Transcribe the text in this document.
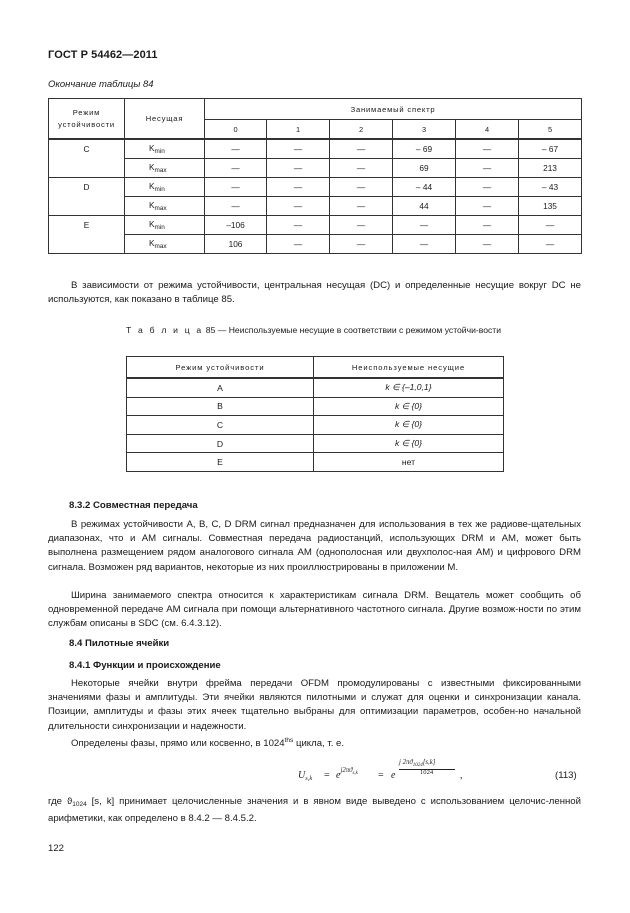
ГОСТ Р 54462—2011
Окончание таблицы 84
Режим устойчивости	Несущая	Занимаемый спектр					
		0	1	2	3	4	5
C	$K_{min}$	—	—	—	– 69	—	– 67
	$K_{max}$	—	—	—	69	—	213
D	$K_{min}$	—	—	—	– 44	—	– 43
	$K_{max}$	—	—	—	44	—	135
E	$K_{min}$	–106	—	—	—	—	—
	$K_{max}$	106	—	—	—	—	—
В зависимости от режима устойчивости, центральная несущая (DC) и определенные несущие вокруг DC не используются, как показано в таблице 85.
Т а б л и ц а 85 — Неиспользуемые несущие в соответствии с режимом устойчи-вости
Режим устойчивости	Неиспользуемые несущие
A	k ∈ {–1,0,1}
B	k ∈ {0}
C	k ∈ {0}
D	k ∈ {0}
E	нет
8.3.2 Совместная передача
В режимах устойчивости A, B, C, D DRM сигнал предназначен для использования в тех же радиове-щательных диапазонах, что и AM сигналы. Совместная передача радиостанций, использующих DRM и AM, может быть выполнена размещением рядом аналогового сигнала AM (однополосная или двухполоc-ная AM) и цифрового DRM сигнала. Возможен ряд вариантов, некоторые из них проиллюстрированы в приложении М.
Ширина занимаемого спектра относится к характеристикам сигнала DRM. Вещатель может сообщить об одновременной передаче AM сигнала при помощи альтернативного частотного сигнала. Другие возмож-ности по этим службам описаны в SDC (см. 6.4.3.12).
8.4 Пилотные ячейки
8.4.1 Функции и происхождение
Некоторые ячейки внутри фрейма передачи OFDM промодулированы с известными фиксированными значениями фазы и амплитуды. Эти ячейки являются пилотными и служат для оценки и синхронизации канала. Позиции, амплитуды и фазы этих ячеек тщательно выбраны для оптимизации параметров, особен-но начальной длительности синхронизации и надежности.
Определены фазы, прямо или косвенно, в $1024^{ths}$ цикла, т. е.
$U_{s,k} = e^{j2\pi ϑ_{s,k}} = e$
j $2\pi ϑ_{1024}[s,k]$
1024	,	(113)
где $ϑ_{1024}$ [s, k] принимает целочисленные значения и в явном виде выведено с использованием целочис-ленной арифметики, как определено в 8.4.2 — 8.4.5.2.
122
